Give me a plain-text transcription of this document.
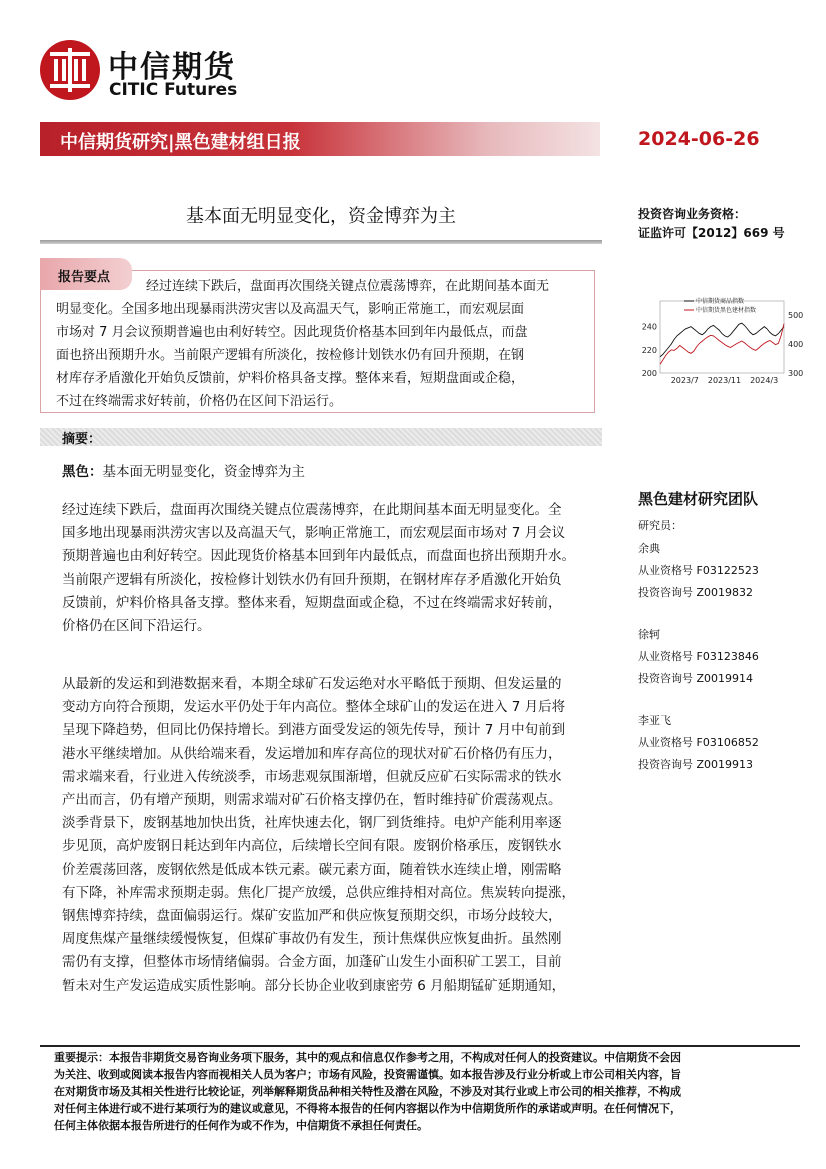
中信期货
CITIC Futures
中信期货研究|黑色建材组日报	2024-06-26
基本面无明显变化，资金博弈为主	投资咨询业务资格：
证监许可【2012】669 号
报告要点
经过连续下跌后，盘面再次围绕关键点位震荡博弈，在此期间基本面无
明显变化。全国多地出现暴雨洪涝灾害以及高温天气，影响正常施工，而宏观层面
市场对 7 月会议预期普遍也由利好转空。因此现货价格基本回到年内最低点，而盘
面也挤出预期升水。当前限产逻辑有所淡化，按检修计划铁水仍有回升预期，在钢
材库存矛盾激化开始负反馈前，炉料价格具备支撑。整体来看，短期盘面或企稳，
不过在终端需求好转前，价格仍在区间下沿运行。
中信期货商品指数
中信期货黑色建材指数
200
220
240
300
400
500
2023/7 2023/11 2024/3
摘要：
黑色：基本面无明显变化，资金博弈为主
经过连续下跌后，盘面再次围绕关键点位震荡博弈，在此期间基本面无明显变化。全
国多地出现暴雨洪涝灾害以及高温天气，影响正常施工，而宏观层面市场对 7 月会议
预期普遍也由利好转空。因此现货价格基本回到年内最低点，而盘面也挤出预期升水。
当前限产逻辑有所淡化，按检修计划铁水仍有回升预期，在钢材库存矛盾激化开始负
反馈前，炉料价格具备支撑。整体来看，短期盘面或企稳，不过在终端需求好转前，
价格仍在区间下沿运行。
从最新的发运和到港数据来看，本期全球矿石发运绝对水平略低于预期、但发运量的
变动方向符合预期，发运水平仍处于年内高位。整体全球矿山的发运在进入 7 月后将
呈现下降趋势，但同比仍保持增长。到港方面受发运的领先传导，预计 7 月中旬前到
港水平继续增加。从供给端来看，发运增加和库存高位的现状对矿石价格仍有压力，
需求端来看，行业进入传统淡季，市场悲观氛围渐增，但就反应矿石实际需求的铁水
产出而言，仍有增产预期，则需求端对矿石价格支撑仍在，暂时维持矿价震荡观点。
淡季背景下，废钢基地加快出货，社库快速去化，钢厂到货维持。电炉产能利用率逐
步见顶，高炉废钢日耗达到年内高位，后续增长空间有限。废钢价格承压，废钢铁水
价差震荡回落，废钢依然是低成本铁元素。碳元素方面，随着铁水连续止增，刚需略
有下降，补库需求预期走弱。焦化厂提产放缓，总供应维持相对高位。焦炭转向提涨，
钢焦博弈持续，盘面偏弱运行。煤矿安监加严和供应恢复预期交织，市场分歧较大，
周度焦煤产量继续缓慢恢复，但煤矿事故仍有发生，预计焦煤供应恢复曲折。虽然刚
需仍有支撑，但整体市场情绪偏弱。合金方面，加蓬矿山发生小面积矿工罢工，目前
暂未对生产发运造成实质性影响。部分长协企业收到康密劳 6 月船期锰矿延期通知，
黑色建材研究团队
研究员：
余典
从业资格号 F03122523
投资咨询号 Z0019832
徐轲
从业资格号 F03123846
投资咨询号 Z0019914
李亚飞
从业资格号 F03106852
投资咨询号 Z0019913
重要提示：本报告非期货交易咨询业务项下服务，其中的观点和信息仅作参考之用，不构成对任何人的投资建议。中信期货不会因
为关注、收到或阅读本报告内容而视相关人员为客户；市场有风险，投资需谨慎。如本报告涉及行业分析或上市公司相关内容，旨
在对期货市场及其相关性进行比较论证，列举解释期货品种相关特性及潜在风险，不涉及对其行业或上市公司的相关推荐，不构成
对任何主体进行或不进行某项行为的建议或意见，不得将本报告的任何内容据以作为中信期货所作的承诺或声明。在任何情况下，
任何主体依据本报告所进行的任何作为或不作为，中信期货不承担任何责任。
